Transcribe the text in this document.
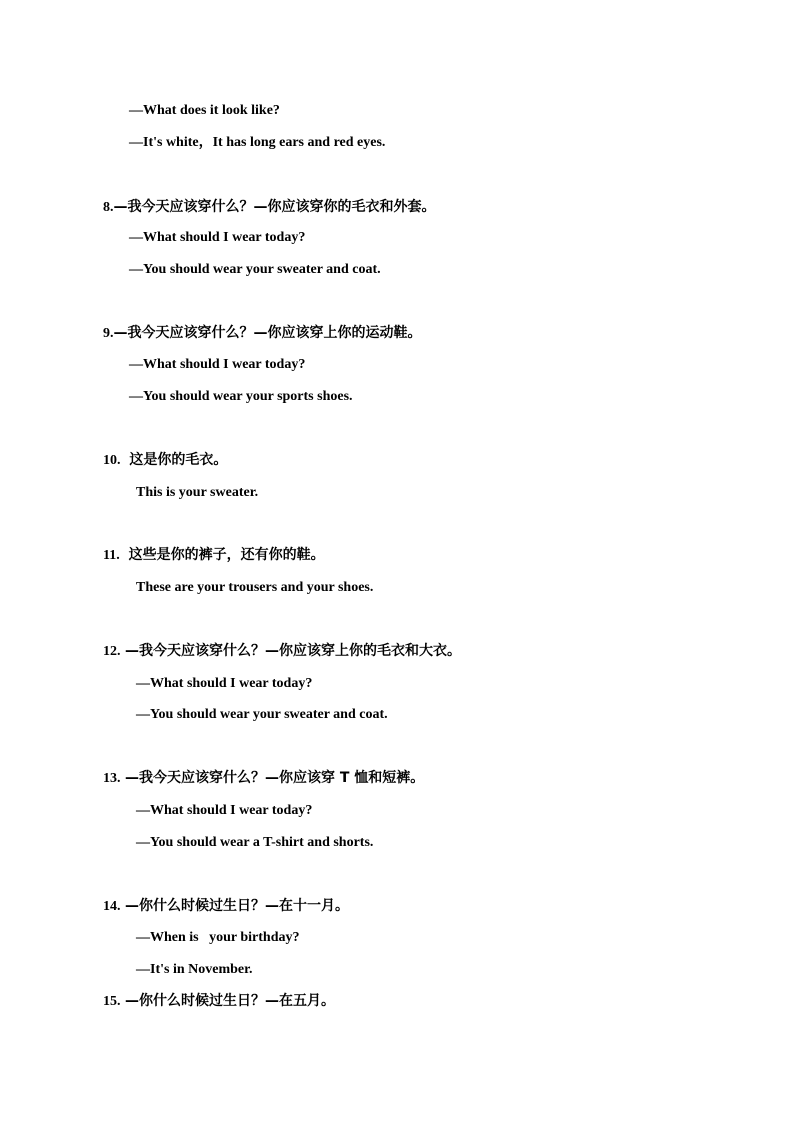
—What does it look like?
—It's white，It has long ears and red eyes.
8.—我今天应该穿什么？—你应该穿你的毛衣和外套。
—What should I wear today?
—You should wear your sweater and coat.
9.—我今天应该穿什么？—你应该穿上你的运动鞋。
—What should I wear today?
—You should wear your sports shoes.
10. 这是你的毛衣。
This is your sweater.
11. 这些是你的裤子，还有你的鞋。
These are your trousers and your shoes.
12. —我今天应该穿什么？—你应该穿上你的毛衣和大衣。
—What should I wear today?
—You should wear your sweater and coat.
13. —我今天应该穿什么？—你应该穿 T 恤和短裤。
—What should I wear today?
—You should wear a T-shirt and shorts.
14. —你什么时候过生日？—在十一月。
—When is   your birthday?
—It's in November.
15. —你什么时候过生日？—在五月。
